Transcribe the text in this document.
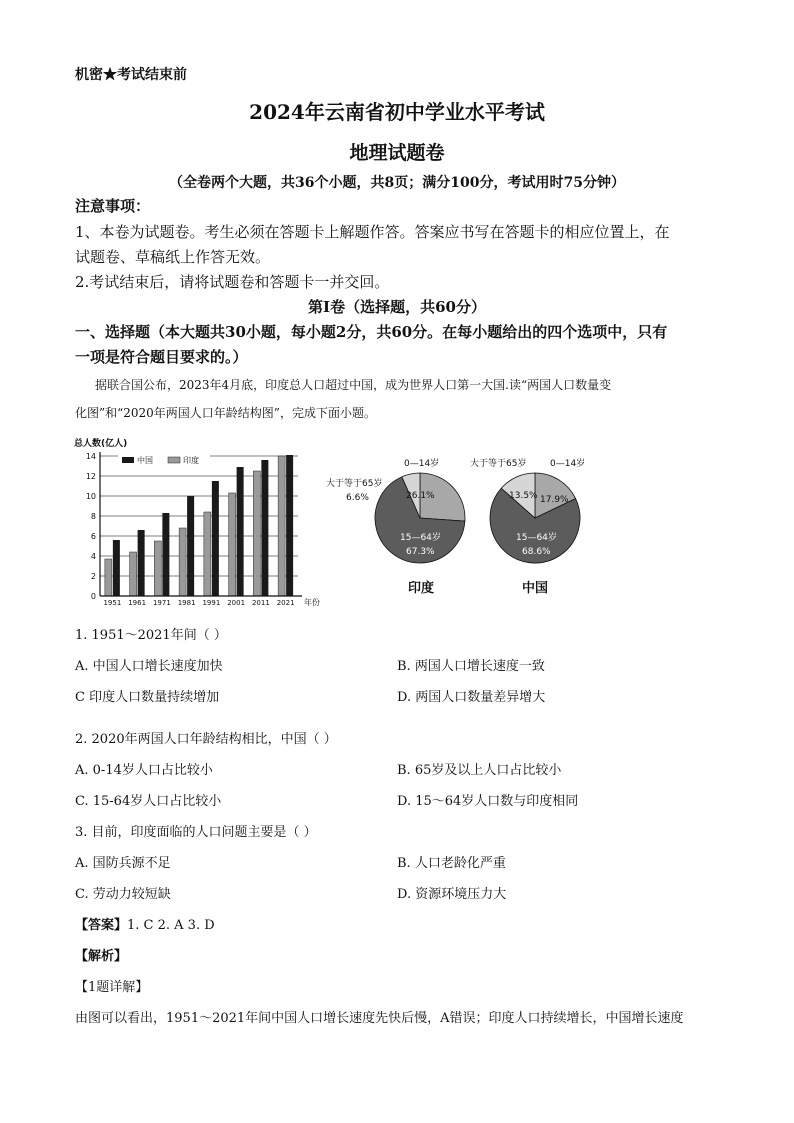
机密★考试结束前
2024年云南省初中学业水平考试
地理试题卷
（全卷两个大题，共36个小题，共8页；满分100分，考试用时75分钟）
注意事项：
1、本卷为试题卷。考生必须在答题卡上解题作答。答案应书写在答题卡的相应位置上，在
试题卷、草稿纸上作答无效。
2.考试结束后，请将试题卷和答题卡一并交回。
第Ⅰ卷（选择题，共60分）
一、选择题（本大题共30小题，每小题2分，共60分。在每小题给出的四个选项中，只有
一项是符合题目要求的。）
据联合国公布，2023年4月底，印度总人口超过中国，成为世界人口第一大国.读“两国人口数量变
化图”和“2020年两国人口年龄结构图”，完成下面小题。
总人数(亿人)
年份
0
2
4
6
8
10
12
14
1951 1961 1971 1981 1991 2001 2011 2021
中国	印度	0—14岁
大于等于65岁
6.6%	26.1%
15—64岁
67.3%
印度
大于等于65岁	0—14岁
13.5% 17.9%
15—64岁
68.6%
中国
1. 1951～2021年间（ ）
A. 中国人口增长速度加快	B. 两国人口增长速度一致
C 印度人口数量持续增加	D. 两国人口数量差异增大
2. 2020年两国人口年龄结构相比，中国（ ）
A. 0-14岁人口占比较小	B. 65岁及以上人口占比较小
C. 15-64岁人口占比较小	D. 15～64岁人口数与印度相同
3. 目前，印度面临的人口问题主要是（ ）
A. 国防兵源不足	B. 人口老龄化严重
C. 劳动力较短缺	D. 资源环境压力大
【答案】1. C 2. A 3. D
【解析】
【1题详解】
由图可以看出，1951～2021年间中国人口增长速度先快后慢，A错误；印度人口持续增长，中国增长速度
